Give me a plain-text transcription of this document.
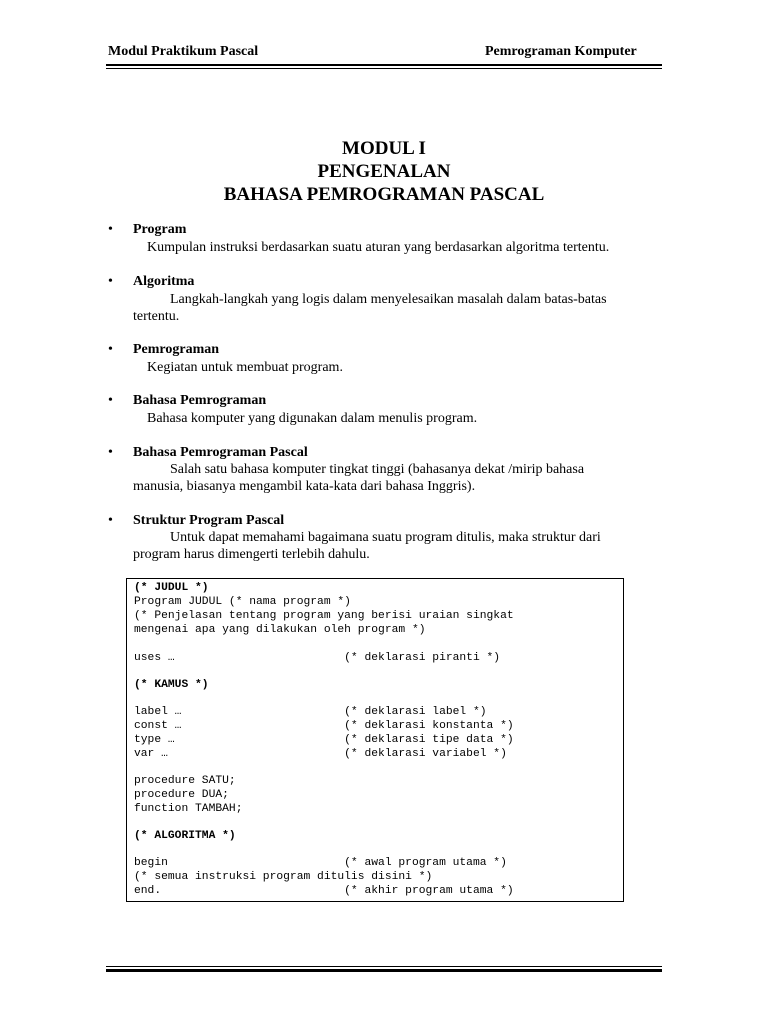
Modul Praktikum Pascal	Pemrograman Komputer
MODUL I
PENGENALAN
BAHASA PEMROGRAMAN PASCAL
• Program
Kumpulan instruksi berdasarkan suatu aturan yang berdasarkan algoritma tertentu.
• Algoritma
Langkah-langkah yang logis dalam menyelesaikan masalah dalam batas-batas
tertentu.
• Pemrograman
Kegiatan untuk membuat program.
• Bahasa Pemrograman
Bahasa komputer yang digunakan dalam menulis program.
• Bahasa Pemrograman Pascal
Salah satu bahasa komputer tingkat tinggi (bahasanya dekat /mirip bahasa
manusia, biasanya mengambil kata-kata dari bahasa Inggris).
• Struktur Program Pascal
Untuk dapat memahami bagaimana suatu program ditulis, maka struktur dari
program harus dimengerti terlebih dahulu.
(* JUDUL *)
Program JUDUL (* nama program *)
(* Penjelasan tentang program yang berisi uraian singkat
mengenai apa yang dilakukan oleh program *)
uses …                         (* deklarasi piranti *)
(* KAMUS *)
label …                        (* deklarasi label *)
const …                        (* deklarasi konstanta *)
type …                         (* deklarasi tipe data *)
var …                          (* deklarasi variabel *)
procedure SATU;
procedure DUA;
function TAMBAH;
(* ALGORITMA *)
begin                          (* awal program utama *)
(* semua instruksi program ditulis disini *)
end.                           (* akhir program utama *)
